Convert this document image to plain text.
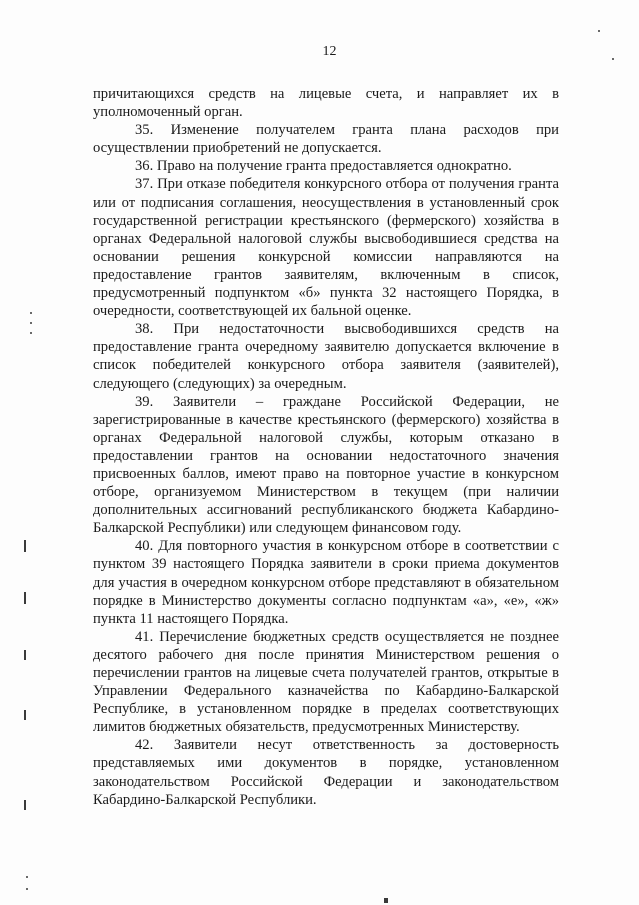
12

причитающихся средств на лицевые счета, и направляет их в уполномоченный орган.

35. Изменение получателем гранта плана расходов при осуществлении приобретений не допускается.

36. Право на получение гранта предоставляется однократно.

37. При отказе победителя конкурсного отбора от получения гранта или от подписания соглашения, неосуществления в установленный срок государственной регистрации крестьянского (фермерского) хозяйства в органах Федеральной налоговой службы высвободившиеся средства на основании решения конкурсной комиссии направляются на предоставление грантов заявителям, включенным в список, предусмотренный подпунктом «б» пункта 32 настоящего Порядка, в очередности, соответствующей их бальной оценке.

38. При недостаточности высвободившихся средств на предоставление гранта очередному заявителю допускается включение в список победителей конкурсного отбора заявителя (заявителей), следующего (следующих) за очередным.

39. Заявители – граждане Российской Федерации, не зарегистрированные в качестве крестьянского (фермерского) хозяйства в органах Федеральной налоговой службы, которым отказано в предоставлении грантов на основании недостаточного значения присвоенных баллов, имеют право на повторное участие в конкурсном отборе, организуемом Министерством в текущем (при наличии дополнительных ассигнований республиканского бюджета Кабардино-Балкарской Республики) или следующем финансовом году.

40. Для повторного участия в конкурсном отборе в соответствии с пунктом 39 настоящего Порядка заявители в сроки приема документов для участия в очередном конкурсном отборе представляют в обязательном порядке в Министерство документы согласно подпунктам «а», «е», «ж» пункта 11 настоящего Порядка.

41. Перечисление бюджетных средств осуществляется не позднее десятого рабочего дня после принятия Министерством решения о перечислении грантов на лицевые счета получателей грантов, открытые в Управлении Федерального казначейства по Кабардино-Балкарской Республике, в установленном порядке в пределах соответствующих лимитов бюджетных обязательств, предусмотренных Министерству.

42. Заявители несут ответственность за достоверность представляемых ими документов в порядке, установленном законодательством Российской Федерации и законодательством Кабардино-Балкарской Республики.
